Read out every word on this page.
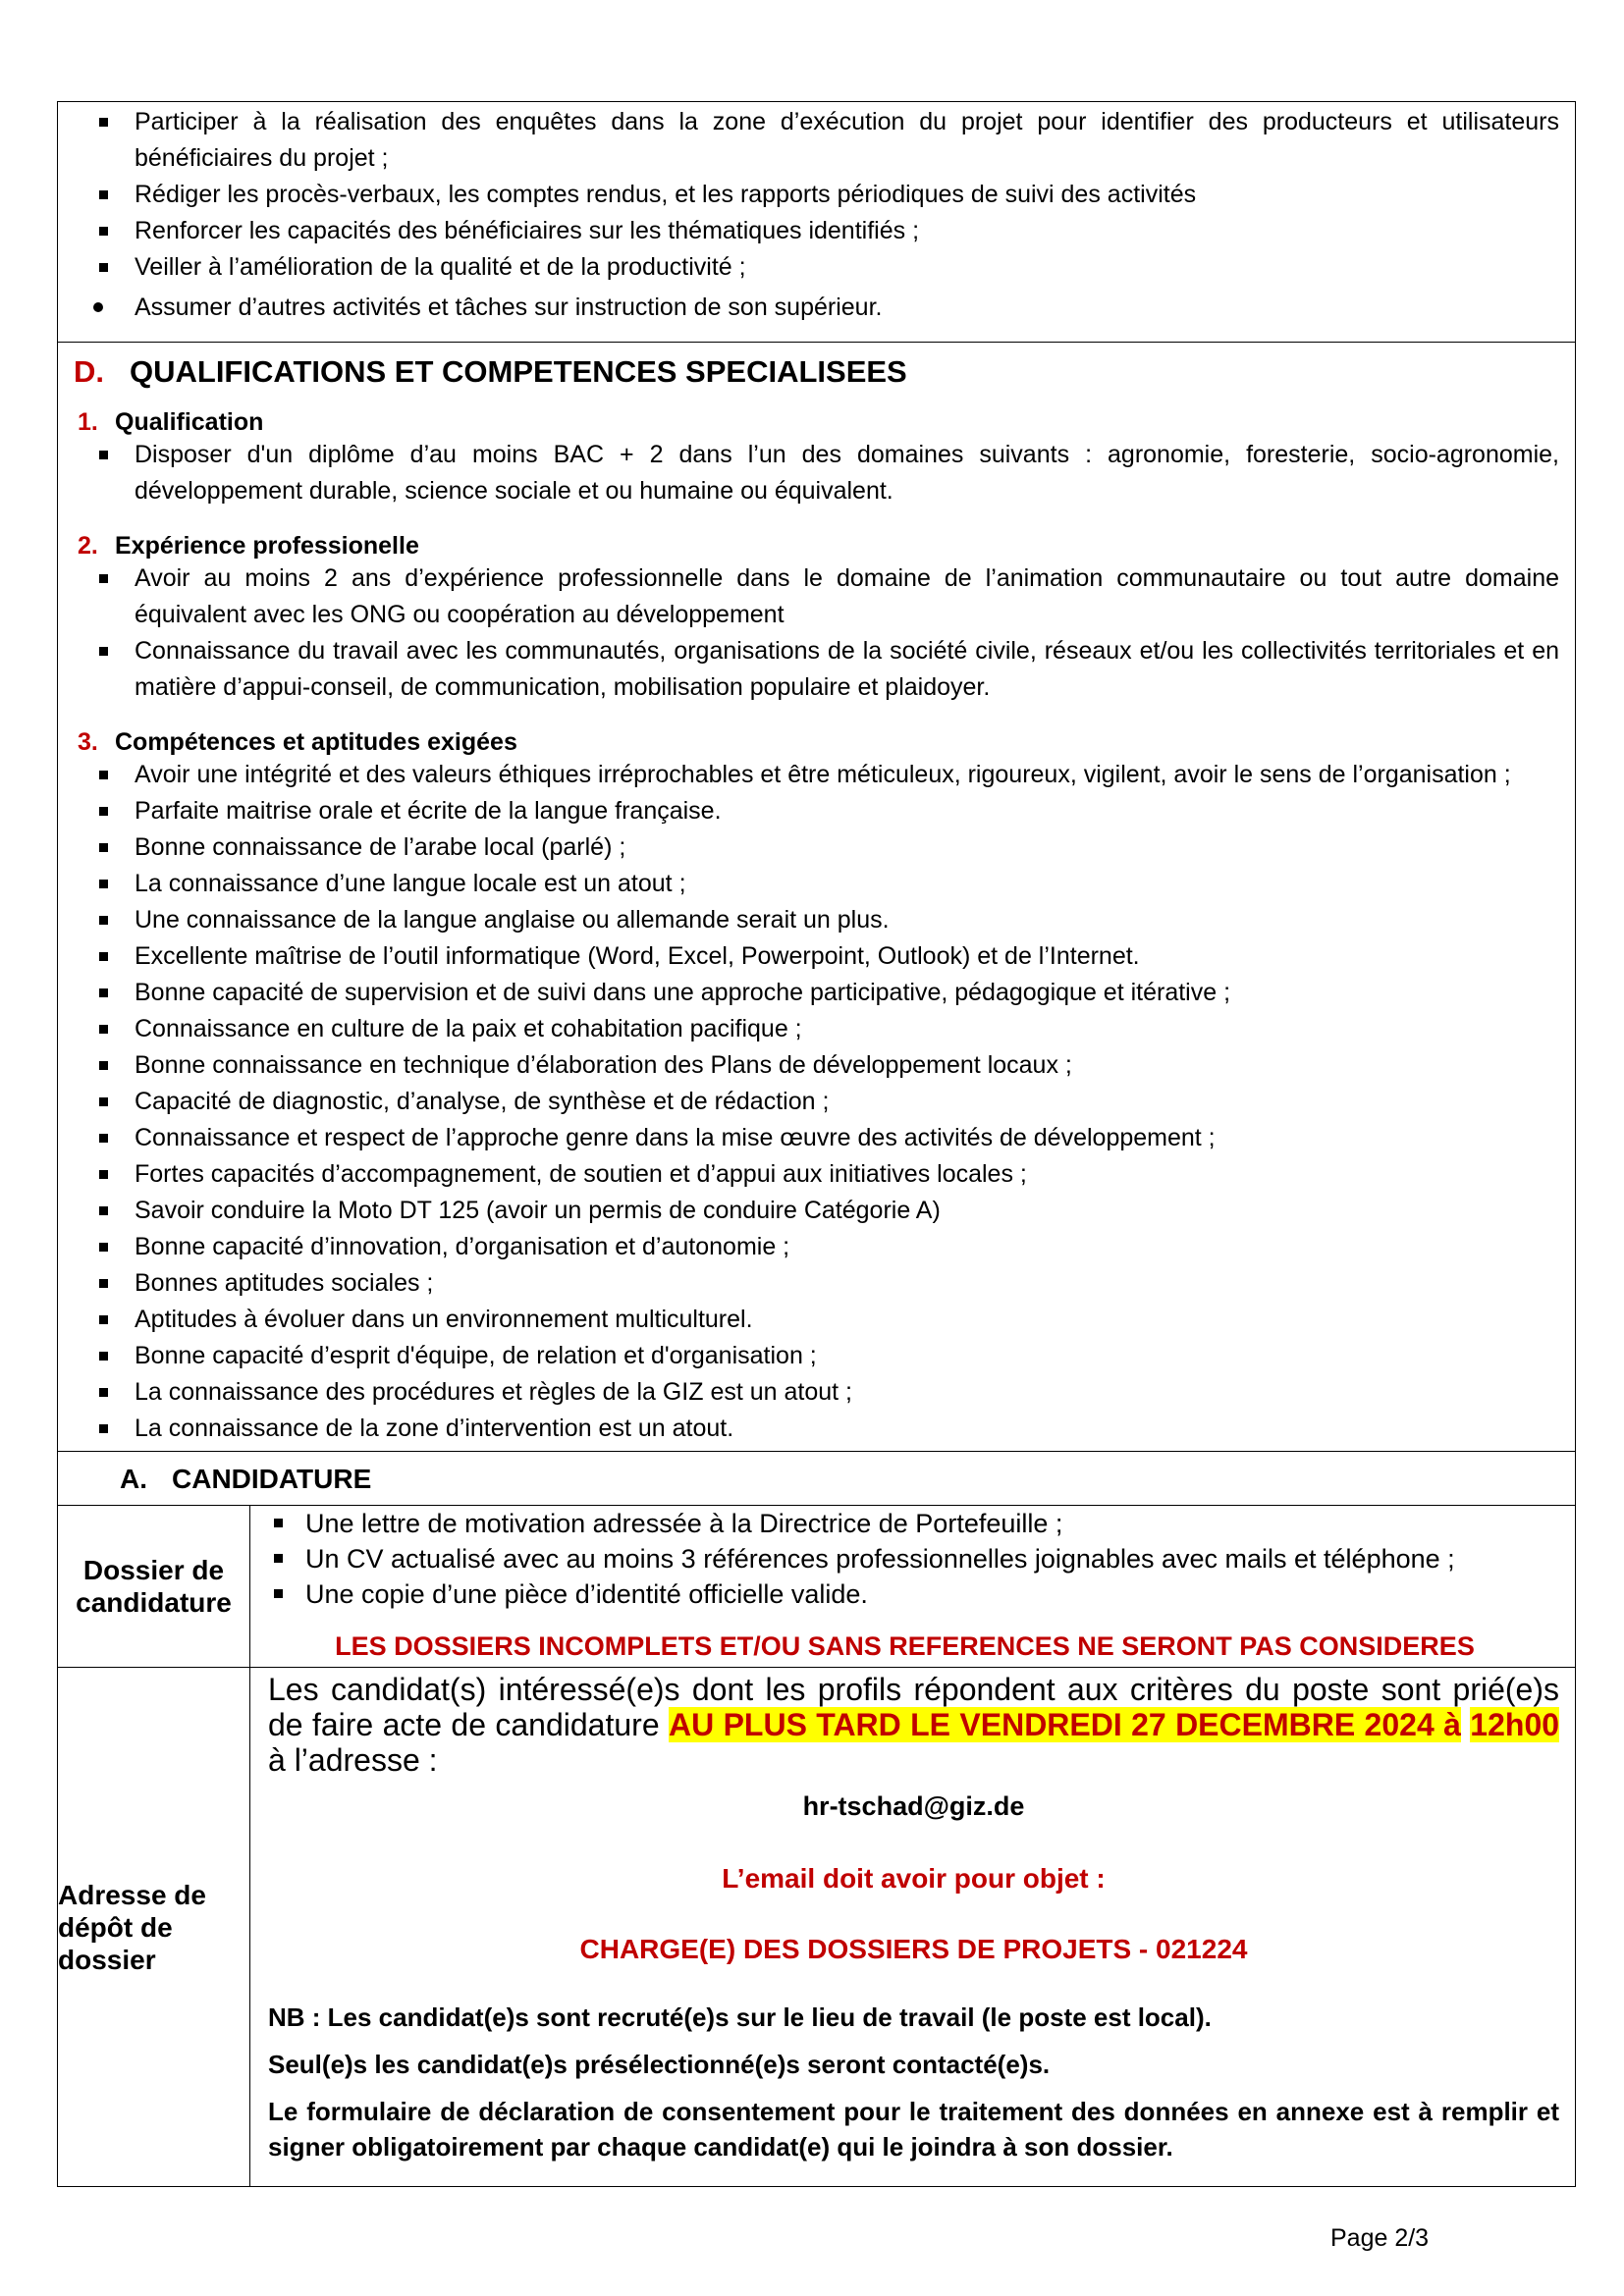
Participer à la réalisation des enquêtes dans la zone d’exécution du projet pour identifier des producteurs et utilisateurs bénéficiaires du projet ;
Rédiger les procès-verbaux, les comptes rendus, et les rapports périodiques de suivi des activités
Renforcer les capacités des bénéficiaires sur les thématiques identifiés ;
Veiller à l’amélioration de la qualité et de la productivité ;
Assumer d’autres activités et tâches sur instruction de son supérieur.
D. QUALIFICATIONS ET COMPETENCES SPECIALISEES
1. Qualification
Disposer d'un diplôme d’au moins BAC + 2 dans l’un des domaines suivants : agronomie, foresterie, socio-agronomie, développement durable, science sociale et ou humaine ou équivalent.
2. Expérience professionelle
Avoir au moins 2 ans d’expérience professionnelle dans le domaine de l’animation communautaire ou tout autre domaine équivalent avec les ONG ou coopération au développement
Connaissance du travail avec les communautés, organisations de la société civile, réseaux et/ou les collectivités territoriales et en matière d’appui-conseil, de communication, mobilisation populaire et plaidoyer.
3. Compétences et aptitudes exigées
Avoir une intégrité et des valeurs éthiques irréprochables et être méticuleux, rigoureux, vigilent, avoir le sens de l’organisation ;
Parfaite maitrise orale et écrite de la langue française.
Bonne connaissance de l’arabe local (parlé) ;
La connaissance d’une langue locale est un atout ;
Une connaissance de la langue anglaise ou allemande serait un plus.
Excellente maîtrise de l’outil informatique (Word, Excel, Powerpoint, Outlook) et de l’Internet.
Bonne capacité de supervision et de suivi dans une approche participative, pédagogique et itérative ;
Connaissance en culture de la paix et cohabitation pacifique ;
Bonne connaissance en technique d’élaboration des Plans de développement locaux ;
Capacité de diagnostic, d’analyse, de synthèse et de rédaction ;
Connaissance et respect de l’approche genre dans la mise œuvre des activités de développement ;
Fortes capacités d’accompagnement, de soutien et d’appui aux initiatives locales ;
Savoir conduire la Moto DT 125 (avoir un permis de conduire Catégorie A)
Bonne capacité d’innovation, d’organisation et d’autonomie ;
Bonnes aptitudes sociales ;
Aptitudes à évoluer dans un environnement multiculturel.
Bonne capacité d’esprit d'équipe, de relation et d'organisation ;
La connaissance des procédures et règles de la GIZ est un atout ;
La connaissance de la zone d’intervention est un atout.
A. CANDIDATURE
Dossier de candidature
Une lettre de motivation adressée à la Directrice de Portefeuille ;
Un CV actualisé avec au moins 3 références professionnelles joignables avec mails et téléphone ;
Une copie d’une pièce d’identité officielle valide.
LES DOSSIERS INCOMPLETS ET/OU SANS REFERENCES NE SERONT PAS CONSIDERES
Adresse de dépôt de dossier
Les candidat(s) intéressé(e)s dont les profils répondent aux critères du poste sont prié(e)s de faire acte de candidature AU PLUS TARD LE VENDREDI 27 DECEMBRE 2024 à 12h00 à l’adresse :
hr-tschad@giz.de
L’email doit avoir pour objet :
CHARGE(E) DES DOSSIERS DE PROJETS - 021224
NB : Les candidat(e)s sont recruté(e)s sur le lieu de travail (le poste est local).
Seul(e)s les candidat(e)s présélectionné(e)s seront contacté(e)s.
Le formulaire de déclaration de consentement pour le traitement des données en annexe est à remplir et signer obligatoirement par chaque candidat(e) qui le joindra à son dossier.
Page 2/3
